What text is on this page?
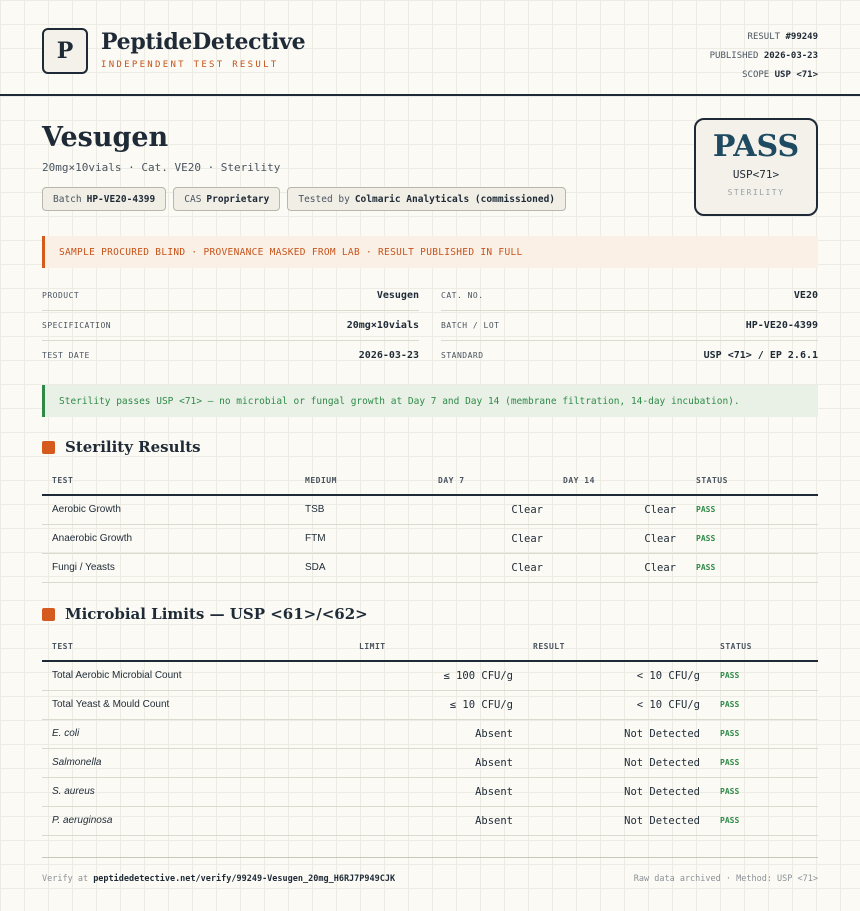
P	PeptideDetective
INDEPENDENT TEST RESULT
RESULT #99249
PUBLISHED 2026-03-23
SCOPE USP <71>
Vesugen
20mg×10vials · Cat. VE20 · Sterility
Batch HP-VE20-4399	CAS Proprietary	Tested by Colmaric Analyticals (commissioned)
PASS
USP<71>
STERILITY
SAMPLE PROCURED BLIND · PROVENANCE MASKED FROM LAB · RESULT PUBLISHED IN FULL
PRODUCT	Vesugen	CAT. NO.	VE20
SPECIFICATION	20mg×10vials	BATCH / LOT	HP-VE20-4399
TEST DATE	2026-03-23	STANDARD	USP <71> / EP 2.6.1
Sterility passes USP <71> — no microbial or fungal growth at Day 7 and Day 14 (membrane filtration, 14-day incubation).
Sterility Results
TEST	MEDIUM	DAY 7	DAY 14	STATUS
Aerobic Growth	TSB	Clear	Clear	PASS
Anaerobic Growth	FTM	Clear	Clear	PASS
Fungi / Yeasts	SDA	Clear	Clear	PASS
Microbial Limits — USP <61>/<62>
TEST	LIMIT	RESULT	STATUS
Total Aerobic Microbial Count	≤ 100 CFU/g	< 10 CFU/g	PASS
Total Yeast & Mould Count	≤ 10 CFU/g	< 10 CFU/g	PASS
E. coli	Absent	Not Detected	PASS
Salmonella	Absent	Not Detected	PASS
S. aureus	Absent	Not Detected	PASS
P. aeruginosa	Absent	Not Detected	PASS
Verify at peptidedetective.net/verify/99249-Vesugen_20mg_H6RJ7P949CJK	Raw data archived · Method: USP <71>
